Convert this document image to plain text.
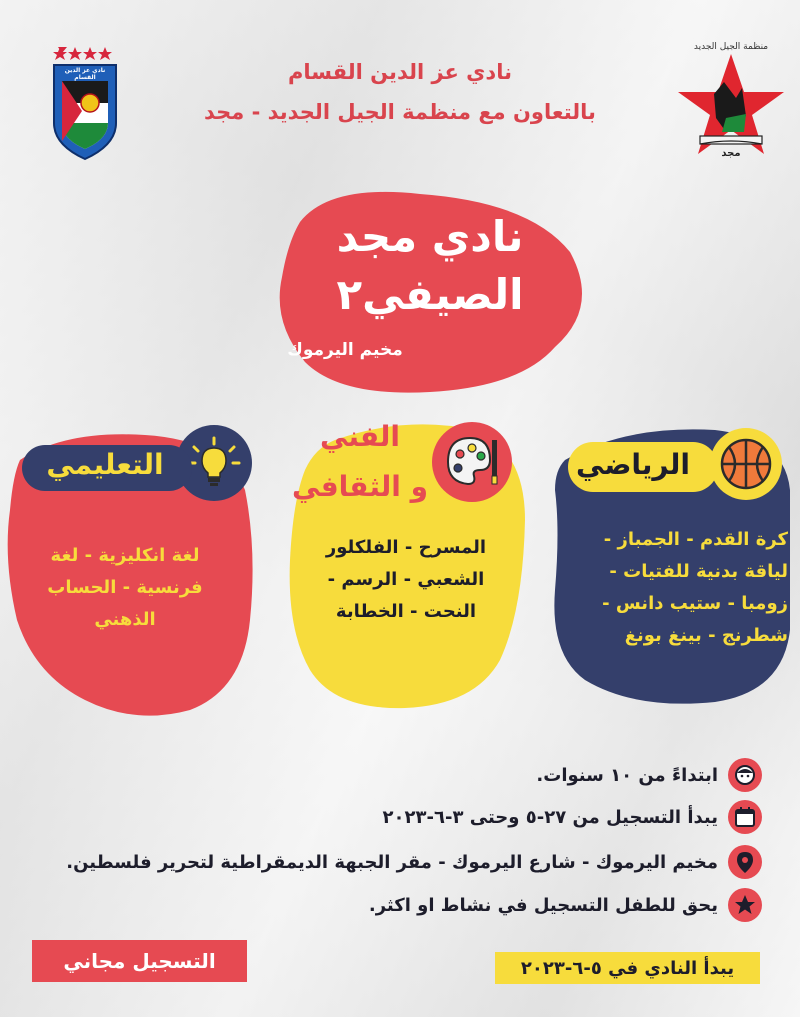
نادي عز الدين القسام
منظمة الجيل الجديد
مجد
نادي عز الدين القسام
بالتعاون مع منظمة الجيل الجديد - مجد
نادي مجد
الصيفي٢
مخيم اليرموك
الرياضي
كرة القدم - الجمباز -
لياقة بدنية للفتيات -
زومبا - ستيب دانس -
شطرنج - بينغ بونغ
الفني
و الثقافي
المسرح - الفلكلور
الشعبي - الرسم -
النحت - الخطابة
التعليمي
لغة انكليزية - لغة
فرنسية - الحساب
الذهني
ابتداءً من ١٠ سنوات.
يبدأ التسجيل من ٢٧-٥ وحتى ٣-٦-٢٠٢٣
مخيم اليرموك - شارع اليرموك - مقر الجبهة الديمقراطية لتحرير فلسطين.
يحق للطفل التسجيل في نشاط او اكثر.
التسجيل مجاني	يبدأ النادي في ٥-٦-٢٠٢٣
